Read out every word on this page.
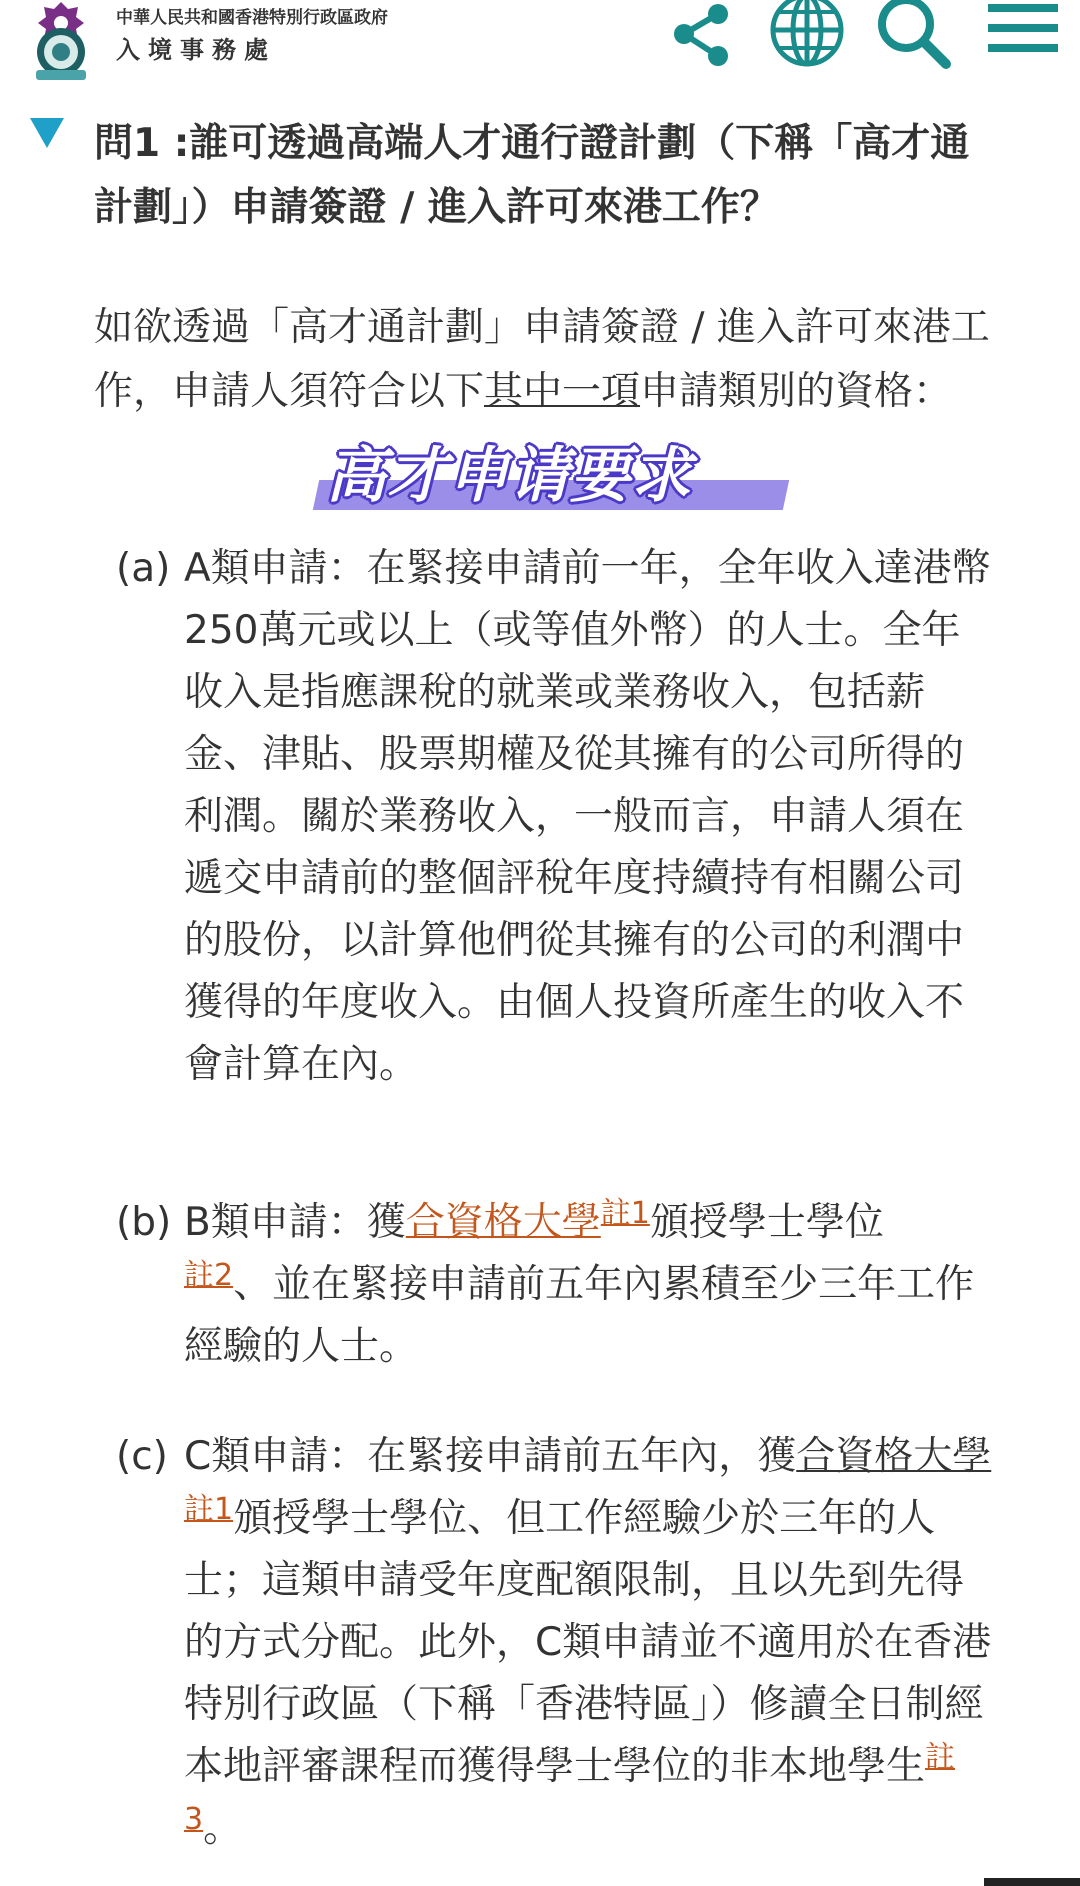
中華人民共和國香港特別行政區政府
入境事務處
問1 :誰可透過高端人才通行證計劃（下稱「高才通計劃」）申請簽證 / 進入許可來港工作？

如欲透過「高才通計劃」申請簽證 / 進入許可來港工作，申請人須符合以下其中一項申請類別的資格：

高才申请要求
(a) A類申請：在緊接申請前一年，全年收入達港幣250萬元或以上（或等值外幣）的人士。全年收入是指應課稅的就業或業務收入，包括薪金、津貼、股票期權及從其擁有的公司所得的利潤。關於業務收入，一般而言，申請人須在遞交申請前的整個評稅年度持續持有相關公司的股份，以計算他們從其擁有的公司的利潤中獲得的年度收入。由個人投資所產生的收入不會計算在內。
(b) B類申請：獲合資格大學$^{註1}$頒授學士學位
$^{註2}$、並在緊接申請前五年內累積至少三年工作經驗的人士。
(c) C類申請：在緊接申請前五年內，獲合資格大學$^{註1}$頒授學士學位、但工作經驗少於三年的人士；這類申請受年度配額限制，且以先到先得的方式分配。此外，C類申請並不適用於在香港特別行政區（下稱「香港特區」）修讀全日制經本地評審課程而獲得學士學位的非本地學生$^{註3}$。
